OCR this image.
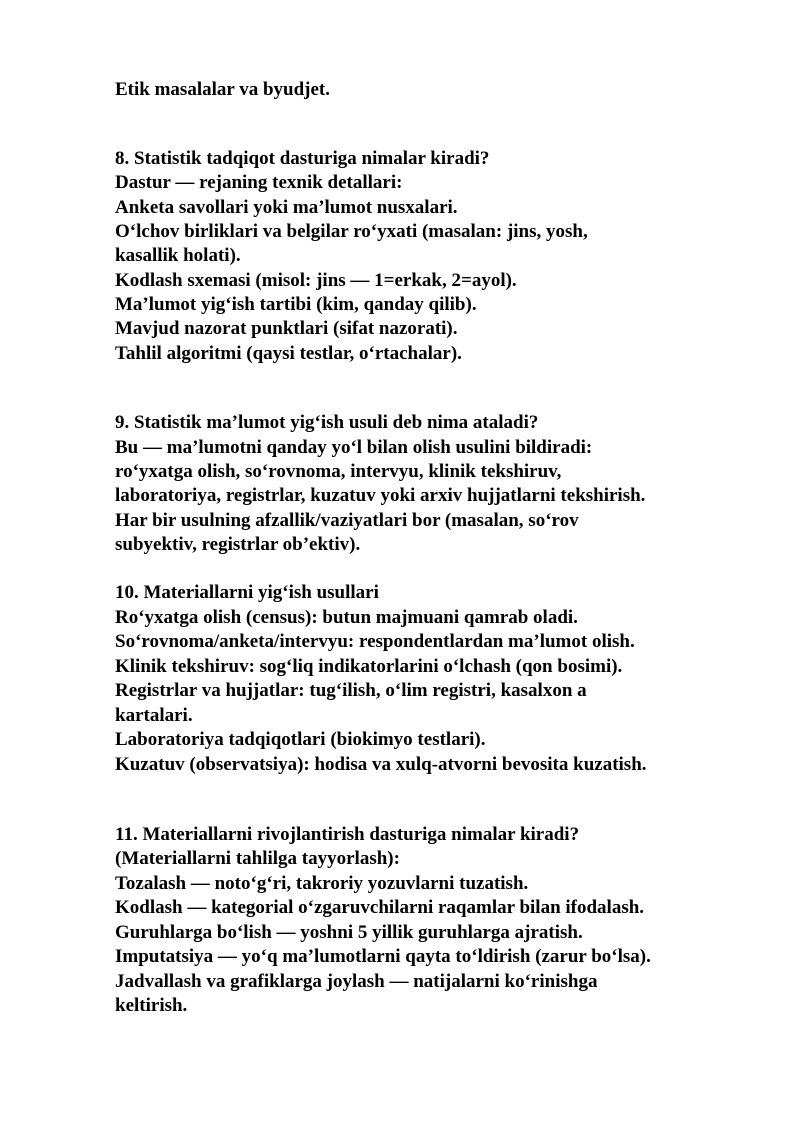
Etik masalalar va byudjet.

8. Statistik tadqiqot dasturiga nimalar kiradi?

Dastur — rejaning texnik detallari:

Anketa savollari yoki ma’lumot nusxalari.

O‘lchov birliklari va belgilar ro‘yxati (masalan: jins, yosh,

kasallik holati).

Kodlash sxemasi (misol: jins — 1=erkak, 2=ayol).

Ma’lumot yig‘ish tartibi (kim, qanday qilib).

Mavjud nazorat punktlari (sifat nazorati).

Tahlil algoritmi (qaysi testlar, o‘rtachalar).

9. Statistik ma’lumot yig‘ish usuli deb nima ataladi?

Bu — ma’lumotni qanday yo‘l bilan olish usulini bildiradi:

ro‘yxatga olish, so‘rovnoma, intervyu, klinik tekshiruv,

laboratoriya, registrlar, kuzatuv yoki arxiv hujjatlarni tekshirish.

Har bir usulning afzallik/vaziyatlari bor (masalan, so‘rov

subyektiv, registrlar ob’ektiv).

10. Materiallarni yig‘ish usullari

Ro‘yxatga olish (census): butun majmuani qamrab oladi.

So‘rovnoma/anketa/intervyu: respondentlardan ma’lumot olish.

Klinik tekshiruv: sog‘liq indikatorlarini o‘lchash (qon bosimi).

Registrlar va hujjatlar: tug‘ilish, o‘lim registri, kasalxon a

kartalari.

Laboratoriya tadqiqotlari (biokimyo testlari).

Kuzatuv (observatsiya): hodisa va xulq-atvorni bevosita kuzatish.

11. Materiallarni rivojlantirish dasturiga nimalar kiradi?

(Materiallarni tahlilga tayyorlash):

Tozalash — noto‘g‘ri, takroriy yozuvlarni tuzatish.

Kodlash — kategorial o‘zgaruvchilarni raqamlar bilan ifodalash.

Guruhlarga bo‘lish — yoshni 5 yillik guruhlarga ajratish.

Imputatsiya — yo‘q ma’lumotlarni qayta to‘ldirish (zarur bo‘lsa).

Jadvallash va grafiklarga joylash — natijalarni ko‘rinishga

keltirish.
